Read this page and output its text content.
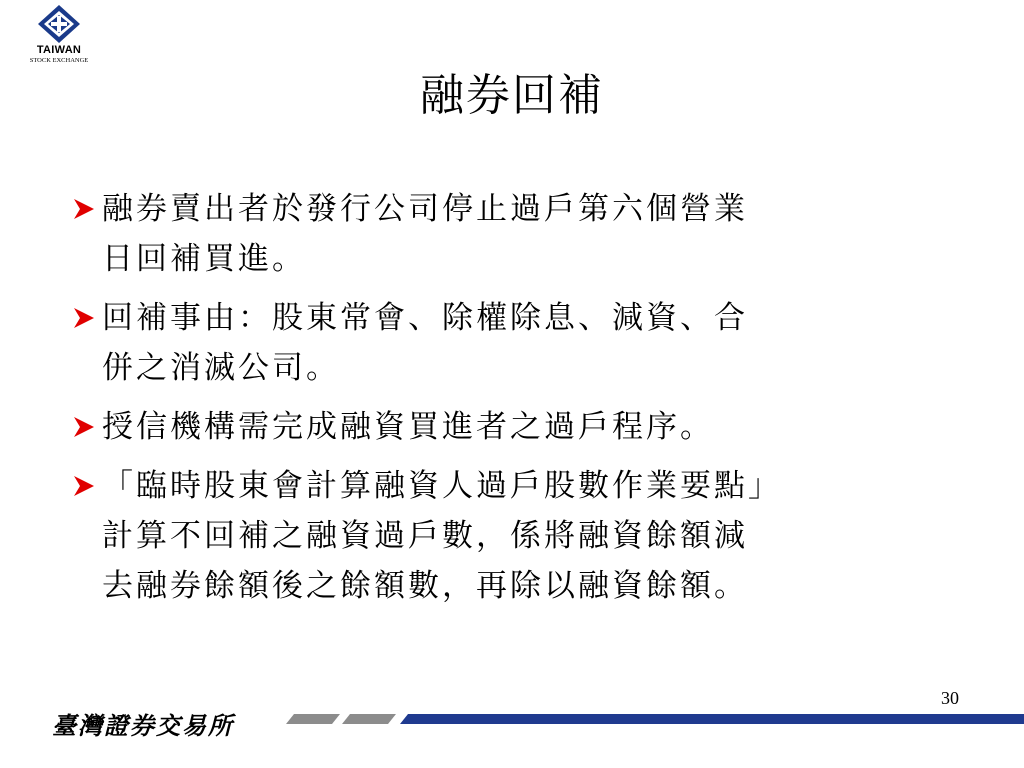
TAIWAN
STOCK EXCHANGE
融券回補
融券賣出者於發行公司停止過戶第六個營業
日回補買進。
回補事由：股東常會、除權除息、減資、合
併之消滅公司。
授信機構需完成融資買進者之過戶程序。
「臨時股東會計算融資人過戶股數作業要點」
計算不回補之融資過戶數，係將融資餘額減
去融券餘額後之餘額數，再除以融資餘額。
30
臺灣證券交易所
